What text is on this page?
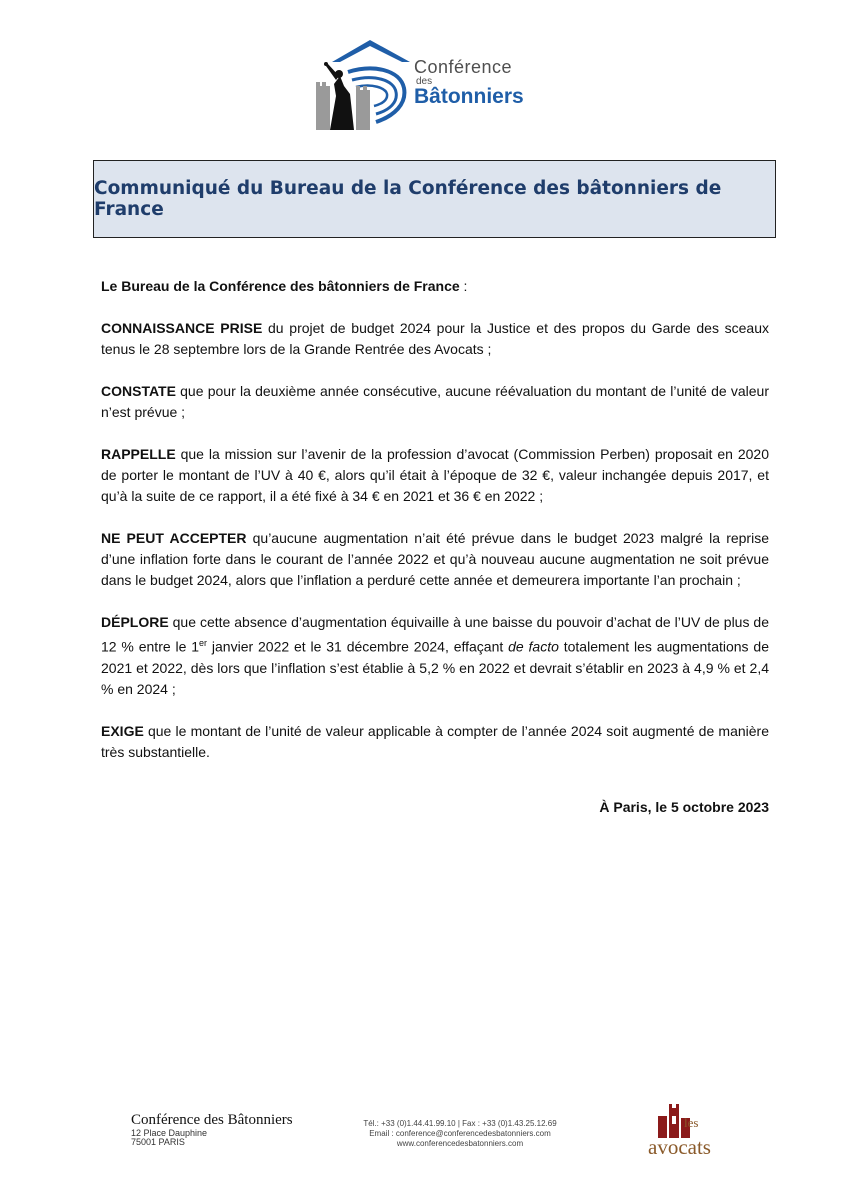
Conférence
des
Bâtonniers
Communiqué du Bureau de la Conférence des bâtonniers de France

Le Bureau de la Conférence des bâtonniers de France :

CONNAISSANCE PRISE du projet de budget 2024 pour la Justice et des propos du Garde des sceaux tenus le 28 septembre lors de la Grande Rentrée des Avocats ;

CONSTATE que pour la deuxième année consécutive, aucune réévaluation du montant de l’unité de valeur n’est prévue ;

RAPPELLE que la mission sur l’avenir de la profession d’avocat (Commission Perben) proposait en 2020 de porter le montant de l’UV à 40 €, alors qu’il était à l’époque de 32 €, valeur inchangée depuis 2017, et qu’à la suite de ce rapport, il a été fixé à 34 € en 2021 et 36 € en 2022 ;

NE PEUT ACCEPTER qu’aucune augmentation n’ait été prévue dans le budget 2023 malgré la reprise d’une inflation forte dans le courant de l’année 2022 et qu’à nouveau aucune augmentation ne soit prévue dans le budget 2024, alors que l’inflation a perduré cette année et demeurera importante l’an prochain ;

DÉPLORE que cette absence d’augmentation équivaille à une baisse du pouvoir d’achat de l’UV de plus de 12 % entre le 1er janvier 2022 et le 31 décembre 2024, effaçant de facto totalement les augmentations de 2021 et 2022, dès lors que l’inflation s’est établie à 5,2 % en 2022 et devrait s’établir en 2023 à 4,9 % et 2,4 % en 2024 ;

EXIGE que le montant de l’unité de valeur applicable à compter de l’année 2024 soit augmenté de manière très substantielle.

À Paris, le 5 octobre 2023
Conférence des Bâtonniers
12 Place Dauphine
75001 PARIS
Tél.: +33 (0)1.44.41.99.10 | Fax : +33 (0)1.43.25.12.69
Email : conference@conferencedesbatonniers.com
www.conferencedesbatonniers.com
les
avocats
